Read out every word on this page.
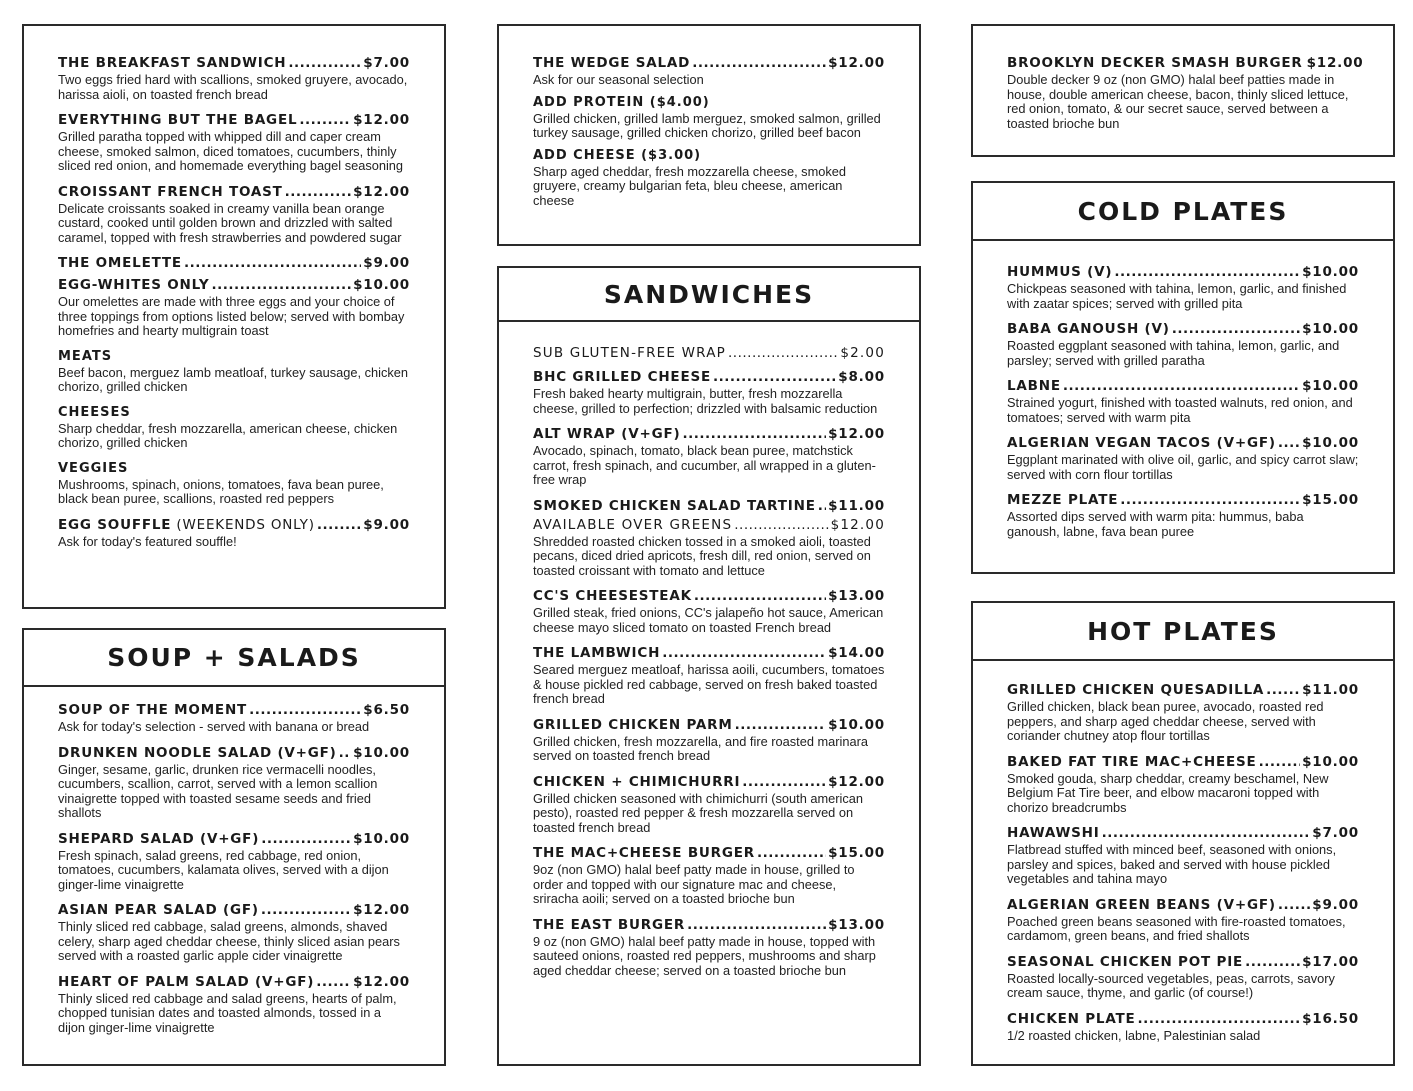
THE BREAKFAST SANDWICH .....	$7.00
Two eggs fried hard with scallions, smoked gruyere, avocado, harissa aioli, on toasted french bread
EVERYTHING BUT THE BAGEL .....	$12.00
Grilled paratha topped with whipped dill and caper cream cheese, smoked salmon, diced tomatoes, cucumbers, thinly sliced red onion, and homemade everything bagel seasoning
CROISSANT FRENCH TOAST .....	$12.00
Delicate croissants soaked in creamy vanilla bean orange custard, cooked until golden brown and drizzled with salted caramel, topped with fresh strawberries and powdered sugar
THE OMELETTE .....	$9.00
EGG-WHITES ONLY .....	$10.00
Our omelettes are made with three eggs and your choice of three toppings from options listed below; served with bombay homefries and hearty multigrain toast
MEATS
Beef bacon, merguez lamb meatloaf, turkey sausage, chicken chorizo, grilled chicken
CHEESES
Sharp cheddar, fresh mozzarella, american cheese, chicken chorizo, grilled chicken
VEGGIES
Mushrooms, spinach, onions, tomatoes, fava bean puree, black bean puree, scallions, roasted red peppers
EGG SOUFFLE (WEEKENDS ONLY) .....	$9.00
Ask for today's featured souffle!
SOUP + SALADS
SOUP OF THE MOMENT .....	$6.50
Ask for today's selection - served with banana or bread
DRUNKEN NOODLE SALAD (V+GF) ..... $10.00
Ginger, sesame, garlic, drunken rice vermacelli noodles, cucumbers, scallion, carrot, served with a lemon scallion vinaigrette topped with toasted sesame seeds and fried shallots
SHEPARD SALAD (V+GF) .....	$10.00
Fresh spinach, salad greens, red cabbage, red onion, tomatoes, cucumbers, kalamata olives, served with a dijon ginger-lime vinaigrette
ASIAN PEAR SALAD (GF) .....	$12.00
Thinly sliced red cabbage, salad greens, almonds, shaved celery, sharp aged cheddar cheese, thinly sliced asian pears served with a roasted garlic apple cider vinaigrette
HEART OF PALM SALAD (V+GF) .....	$12.00
Thinly sliced red cabbage and salad greens, hearts of palm, chopped tunisian dates and toasted almonds, tossed in a dijon ginger-lime vinaigrette
THE WEDGE SALAD .....	$12.00
Ask for our seasonal selection
ADD PROTEIN ($4.00)
Grilled chicken, grilled lamb merguez, smoked salmon, grilled turkey sausage, grilled chicken chorizo, grilled beef bacon
ADD CHEESE ($3.00)
Sharp aged cheddar, fresh mozzarella cheese, smoked gruyere, creamy bulgarian feta, bleu cheese, american cheese
SANDWICHES
SUB GLUTEN-FREE WRAP .....	$2.00
BHC GRILLED CHEESE .....	$8.00
Fresh baked hearty multigrain, butter, fresh mozzarella cheese, grilled to perfection; drizzled with balsamic reduction
ALT WRAP (V+GF) .....	$12.00
Avocado, spinach, tomato, black bean puree, matchstick carrot, fresh spinach, and cucumber, all wrapped in a gluten-free wrap
SMOKED CHICKEN SALAD TARTINE ..... $11.00
AVAILABLE OVER GREENS .....	$12.00
Shredded roasted chicken tossed in a smoked aioli, toasted pecans, diced dried apricots, fresh dill, red onion, served on toasted croissant with tomato and lettuce
CC'S CHEESESTEAK .....	$13.00
Grilled steak, fried onions, CC's jalapeño hot sauce, American cheese mayo sliced tomato on toasted French bread
THE LAMBWICH .....	$14.00
Seared merguez meatloaf, harissa aoili, cucumbers, tomatoes & house pickled red cabbage, served on fresh baked toasted french bread
GRILLED CHICKEN PARM .....	$10.00
Grilled chicken, fresh mozzarella, and fire roasted marinara served on toasted french bread
CHICKEN + CHIMICHURRI .....	$12.00
Grilled chicken seasoned with chimichurri (south american pesto), roasted red pepper & fresh mozzarella served on toasted french bread
THE MAC+CHEESE BURGER .....	$15.00
9oz (non GMO) halal beef patty made in house, grilled to order and topped with our signature mac and cheese, sriracha aoili; served on a toasted brioche bun
THE EAST BURGER .....	$13.00
9 oz (non GMO) halal beef patty made in house, topped with sauteed onions, roasted red peppers, mushrooms and sharp aged cheddar cheese; served on a toasted brioche bun
BROOKLYN DECKER SMASH BURGER $12.00
Double decker 9 oz (non GMO) halal beef patties made in house, double american cheese, bacon, thinly sliced lettuce, red onion, tomato, & our secret sauce, served between a toasted brioche bun
COLD PLATES
HUMMUS (V) .....	$10.00
Chickpeas seasoned with tahina, lemon, garlic, and finished with zaatar spices; served with grilled pita
BABA GANOUSH (V) .....	$10.00
Roasted eggplant seasoned with tahina, lemon, garlic, and parsley; served with grilled paratha
LABNE .....	$10.00
Strained yogurt, finished with toasted walnuts, red onion, and tomatoes; served with warm pita
ALGERIAN VEGAN TACOS (V+GF) ..... $10.00
Eggplant marinated with olive oil, garlic, and spicy carrot slaw; served with corn flour tortillas
MEZZE PLATE .....	$15.00
Assorted dips served with warm pita: hummus, baba ganoush, labne, fava bean puree
HOT PLATES
GRILLED CHICKEN QUESADILLA .....	$11.00
Grilled chicken, black bean puree, avocado, roasted red peppers, and sharp aged cheddar cheese, served with coriander chutney atop flour tortillas
BAKED FAT TIRE MAC+CHEESE .....	$10.00
Smoked gouda, sharp cheddar, creamy beschamel, New Belgium Fat Tire beer, and elbow macaroni topped with chorizo breadcrumbs
HAWAWSHI .....	$7.00
Flatbread stuffed with minced beef, seasoned with onions, parsley and spices, baked and served with house pickled vegetables and tahina mayo
ALGERIAN GREEN BEANS (V+GF) .....	$9.00
Poached green beans seasoned with fire-roasted tomatoes, cardamom, green beans, and fried shallots
SEASONAL CHICKEN POT PIE .....	$17.00
Roasted locally-sourced vegetables, peas, carrots, savory cream sauce, thyme, and garlic (of course!)
CHICKEN PLATE .....	$16.50
1/2 roasted chicken, labne, Palestinian salad
